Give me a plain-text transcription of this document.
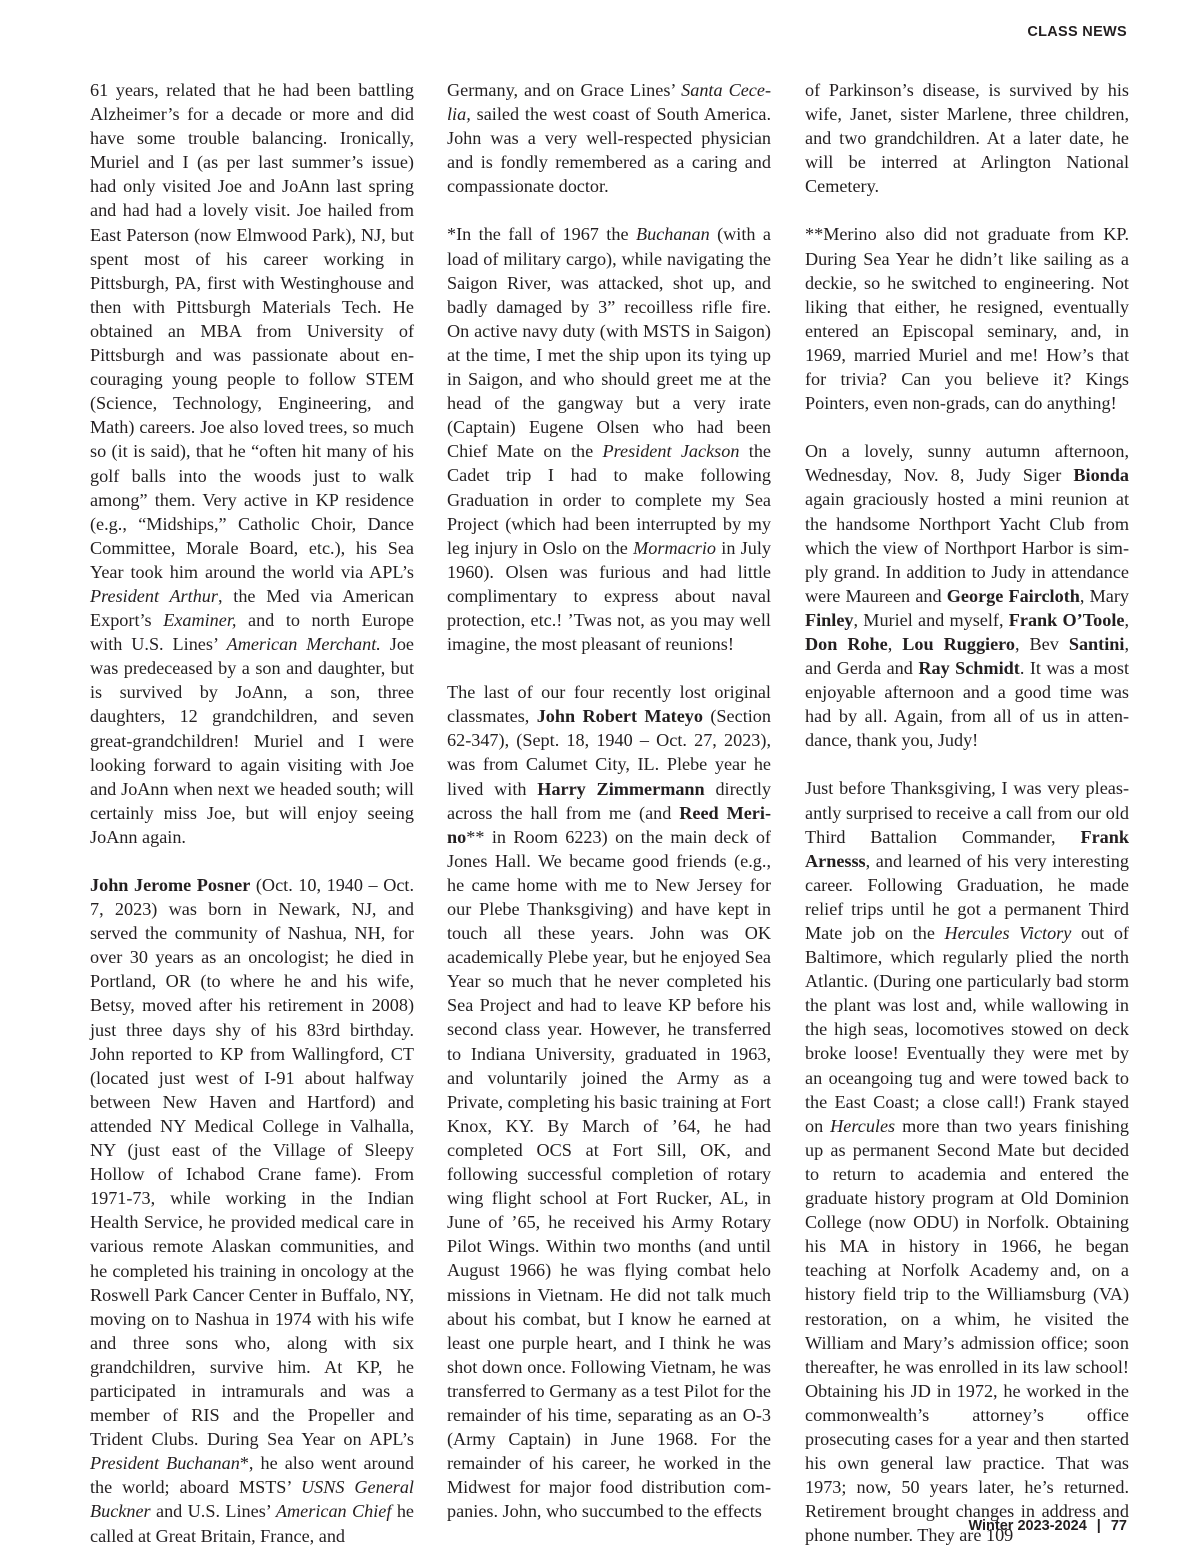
CLASS NEWS

61 years, related that he had been battling Alzheimer’s for a decade or more and did have some trouble balancing. Ironically, Muriel and I (as per last summer’s issue) had only visited Joe and JoAnn last spring and had had a lovely visit. Joe hailed from East Paterson (now Elmwood Park), NJ, but spent most of his career working in Pittsburgh, PA, first with Westinghouse and then with Pittsburgh Materials Tech. He obtained an MBA from University of Pittsburgh and was passionate about encouraging young people to follow STEM (Science, Technology, Engineering, and Math) careers. Joe also loved trees, so much so (it is said), that he “often hit many of his golf balls into the woods just to walk among” them. Very active in KP residence (e.g., “Midships,” Catholic Choir, Dance Committee, Morale Board, etc.), his Sea Year took him around the world via APL’s President Arthur, the Med via American Export’s Examiner, and to north Europe with U.S. Lines’ American Merchant. Joe was predeceased by a son and daughter, but is survived by JoAnn, a son, three daughters, 12 grandchildren, and seven great-grandchildren! Muriel and I were looking forward to again visiting with Joe and JoAnn when next we headed south; will certainly miss Joe, but will enjoy seeing JoAnn again.

John Jerome Posner (Oct. 10, 1940 – Oct. 7, 2023) was born in Newark, NJ, and served the community of Nashua, NH, for over 30 years as an oncologist; he died in Portland, OR (to where he and his wife, Betsy, moved after his retirement in 2008) just three days shy of his 83rd birthday. John reported to KP from Wallingford, CT (located just west of I-91 about halfway between New Haven and Hartford) and attended NY Medical College in Valhalla, NY (just east of the Village of Sleepy Hollow of Ichabod Crane fame). From 1971-73, while working in the Indian Health Service, he provided medical care in various remote Alaskan communities, and he completed his training in oncology at the Roswell Park Cancer Center in Buffalo, NY, moving on to Nashua in 1974 with his wife and three sons who, along with six grandchildren, survive him. At KP, he participated in intramurals and was a member of RIS and the Propeller and Trident Clubs. During Sea Year on APL’s President Buchanan*, he also went around the world; aboard MSTS’ USNS General Buckner and U.S. Lines’ American Chief he called at Great Britain, France, and

Germany, and on Grace Lines’ Santa Cecelia, sailed the west coast of South America. John was a very well-respected physician and is fondly remembered as a caring and compassionate doctor.

*In the fall of 1967 the Buchanan (with a load of military cargo), while navigating the Saigon River, was attacked, shot up, and badly damaged by 3” recoilless rifle fire. On active navy duty (with MSTS in Saigon) at the time, I met the ship upon its tying up in Saigon, and who should greet me at the head of the gangway but a very irate (Captain) Eugene Olsen who had been Chief Mate on the President Jackson the Cadet trip I had to make following Graduation in order to complete my Sea Project (which had been interrupted by my leg injury in Oslo on the Mormacrio in July 1960). Olsen was furious and had little complimentary to express about naval protection, etc.! ’Twas not, as you may well imagine, the most pleasant of reunions!

The last of our four recently lost original classmates, John Robert Mateyo (Section 62-347), (Sept. 18, 1940 – Oct. 27, 2023), was from Calumet City, IL. Plebe year he lived with Harry Zimmermann directly across the hall from me (and Reed Merino** in Room 6223) on the main deck of Jones Hall. We became good friends (e.g., he came home with me to New Jersey for our Plebe Thanksgiving) and have kept in touch all these years. John was OK academically Plebe year, but he enjoyed Sea Year so much that he never completed his Sea Project and had to leave KP before his second class year. However, he transferred to Indiana University, graduated in 1963, and voluntarily joined the Army as a Private, completing his basic training at Fort Knox, KY. By March of ’64, he had completed OCS at Fort Sill, OK, and following successful completion of rotary wing flight school at Fort Rucker, AL, in June of ’65, he received his Army Rotary Pilot Wings. Within two months (and until August 1966) he was flying combat helo missions in Vietnam. He did not talk much about his combat, but I know he earned at least one purple heart, and I think he was shot down once. Following Vietnam, he was transferred to Germany as a test Pilot for the remainder of his time, separating as an O-3 (Army Captain) in June 1968. For the remainder of his career, he worked in the Midwest for major food distribution companies. John, who succumbed to the effects

of Parkinson’s disease, is survived by his wife, Janet, sister Marlene, three children, and two grandchildren. At a later date, he will be interred at Arlington National Cemetery.

**Merino also did not graduate from KP. During Sea Year he didn’t like sailing as a deckie, so he switched to engineering. Not liking that either, he resigned, eventually entered an Episcopal seminary, and, in 1969, married Muriel and me! How’s that for trivia? Can you believe it? Kings Pointers, even non-grads, can do anything!

On a lovely, sunny autumn afternoon, Wednesday, Nov. 8, Judy Siger Bionda again graciously hosted a mini reunion at the handsome Northport Yacht Club from which the view of Northport Harbor is simply grand. In addition to Judy in attendance were Maureen and George Faircloth, Mary Finley, Muriel and myself, Frank O’Toole, Don Rohe, Lou Ruggiero, Bev Santini, and Gerda and Ray Schmidt. It was a most enjoyable afternoon and a good time was had by all. Again, from all of us in attendance, thank you, Judy!

Just before Thanksgiving, I was very pleasantly surprised to receive a call from our old Third Battalion Commander, Frank Arnesss, and learned of his very interesting career. Following Graduation, he made relief trips until he got a permanent Third Mate job on the Hercules Victory out of Baltimore, which regularly plied the north Atlantic. (During one particularly bad storm the plant was lost and, while wallowing in the high seas, locomotives stowed on deck broke loose! Eventually they were met by an oceangoing tug and were towed back to the East Coast; a close call!) Frank stayed on Hercules more than two years finishing up as permanent Second Mate but decided to return to academia and entered the graduate history program at Old Dominion College (now ODU) in Norfolk. Obtaining his MA in history in 1966, he began teaching at Norfolk Academy and, on a history field trip to the Williamsburg (VA) restoration, on a whim, he visited the William and Mary’s admission office; soon thereafter, he was enrolled in its law school! Obtaining his JD in 1972, he worked in the commonwealth’s attorney’s office prosecuting cases for a year and then started his own general law practice. That was 1973; now, 50 years later, he’s returned. Retirement brought changes in address and phone number. They are 109

Winter 2023-2024 | 77
